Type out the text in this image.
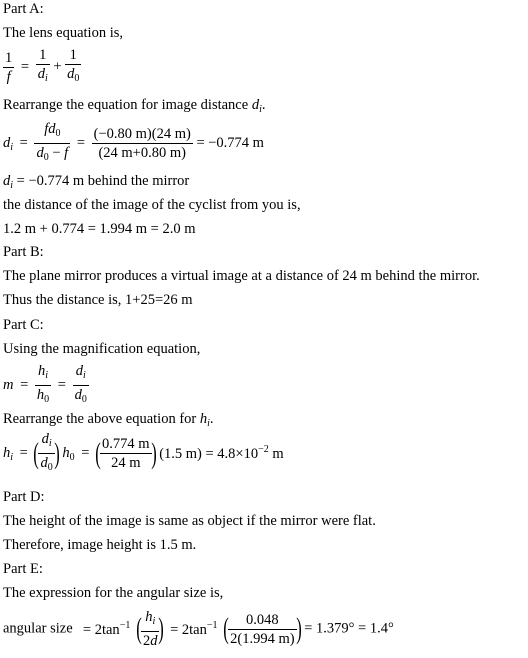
Part A:
The lens equation is,
$\frac{1}{f} = \frac{1}{d_i} + \frac{1}{d_0}$
Rearrange the equation for image distance $d_i$.
$d_i = \frac{fd_0}{d_0 - f} = \frac{(-0.80 m)(24 m)}{(24 m+0.80 m)} = -0.774$ m
$d_i = -0.774$ m behind the mirror
the distance of the image of the cyclist from you is,
1.2 m + 0.774 = 1.994 m = 2.0 m
Part B:
The plane mirror produces a virtual image at a distance of 24 m behind the mirror.
Thus the distance is, 1+25=26 m
Part C:
Using the magnification equation,
$m = \frac{h_i}{h_0} = \frac{d_i}{d_0}$
Rearrange the above equation for $h_i$.
$h_i$ = ( $\frac{d_i}{d_0}$ ) $h_0$ = ( $\frac{0.774 m}{24 m}$ ) (1.5 $m) = 4.8\times 10^{-2}$ m
Part D:
The height of the image is same as object if the mirror were flat.
Therefore, image height is 1.5 m.
Part E:
The expression for the angular size is,
angular size  = $2\tan^{-1}$ ( $\frac{h_i}{2d}$ ) = $2\tan^{-1}$ ( $\frac{0.048}{2(1.994 m)}$ ) = 1.379° = 1.4°
